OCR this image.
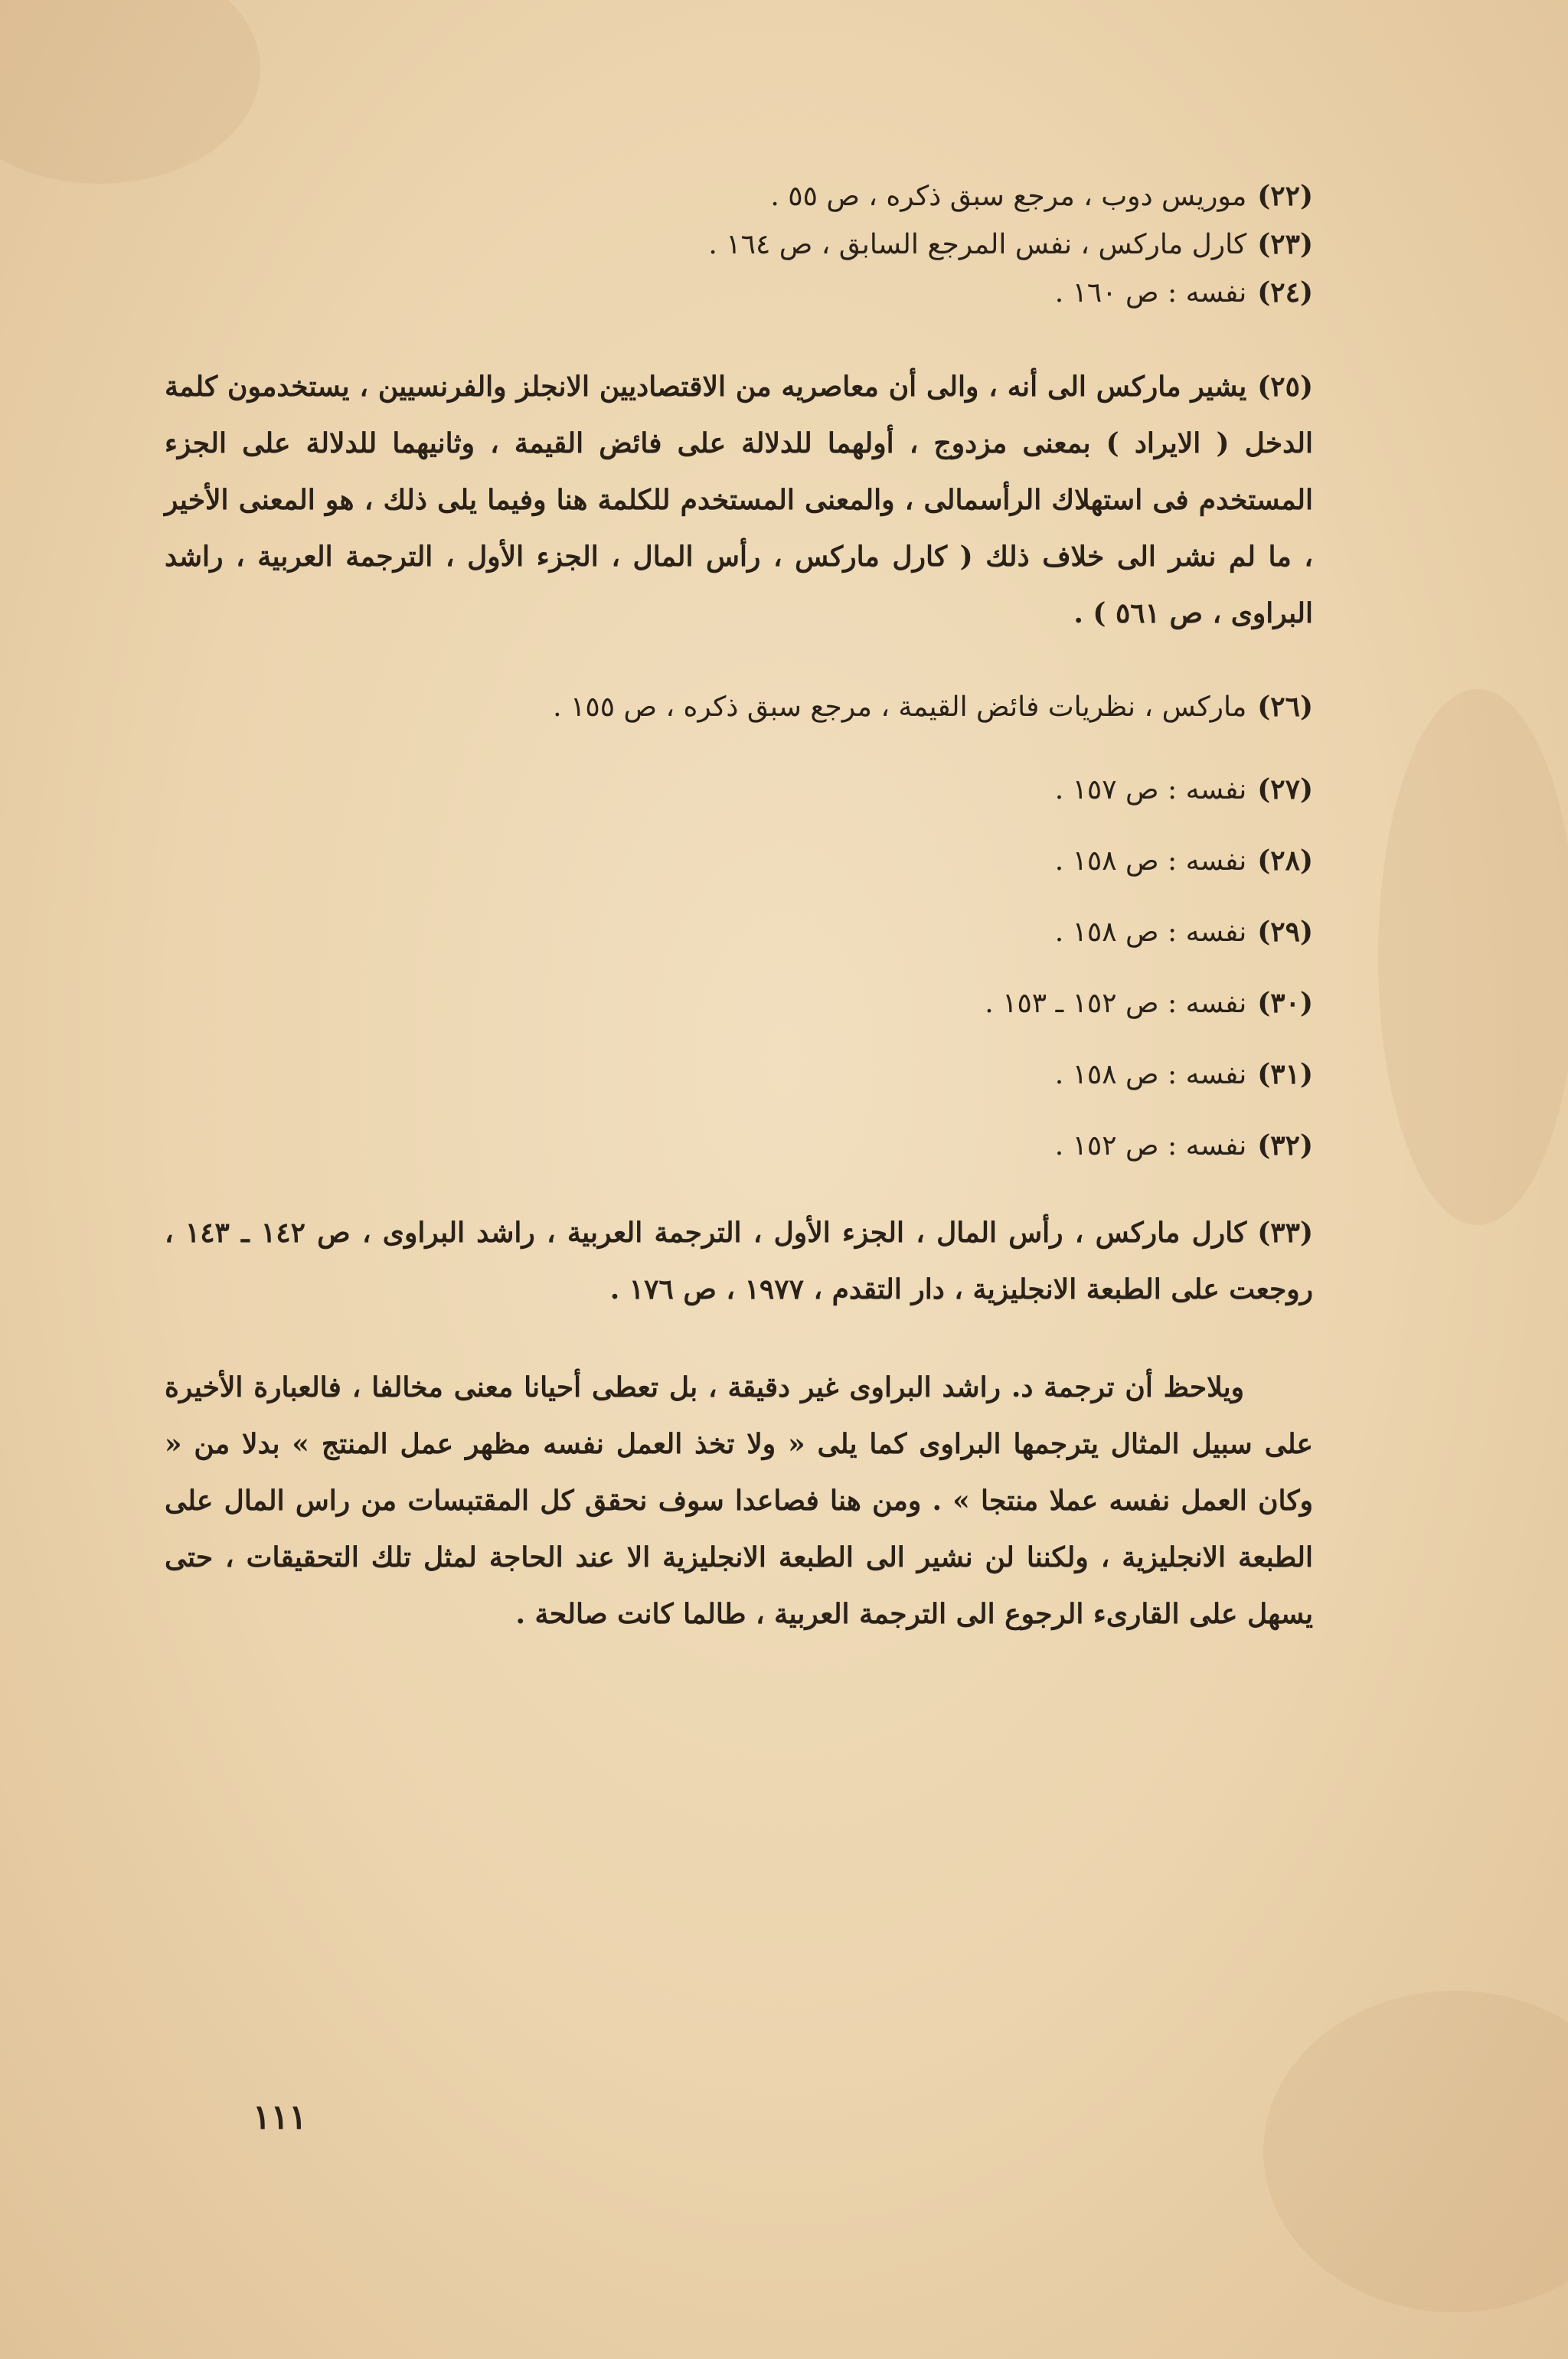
(٢٢)موريس دوب ، مرجع سبق ذكره ، ص ٥٥ .

(٢٣)كارل ماركس ، نفس المرجع السابق ، ص ١٦٤ .

(٢٤)نفسه : ص ١٦٠ .

(٢٥)يشير ماركس الى أنه ، والى أن معاصريه من الاقتصاديين الانجلز والفرنسيين ، يستخدمون كلمة الدخل ( الايراد ) بمعنى مزدوج ، أولهما للدلالة على فائض القيمة ، وثانيهما للدلالة على الجزء المستخدم فى استهلاك الرأسمالى ، والمعنى المستخدم للكلمة هنا وفيما يلى ذلك ، هو المعنى الأخير ، ما لم نشر الى خلاف ذلك ( كارل ماركس ، رأس المال ، الجزء الأول ، الترجمة العربية ، راشد البراوى ، ص ٥٦١ ) .

(٢٦)ماركس ، نظريات فائض القيمة ، مرجع سبق ذكره ، ص ١٥٥ .

(٢٧)نفسه : ص ١٥٧ .

(٢٨)نفسه : ص ١٥٨ .

(٢٩)نفسه : ص ١٥٨ .

(٣٠)نفسه : ص ١٥٢ ـ ١٥٣ .

(٣١)نفسه : ص ١٥٨ .

(٣٢)نفسه : ص ١٥٢ .

(٣٣)كارل ماركس ، رأس المال ، الجزء الأول ، الترجمة العربية ، راشد البراوى ، ص ١٤٢ ـ ١٤٣ ، روجعت على الطبعة الانجليزية ، دار التقدم ، ١٩٧٧ ، ص ١٧٦ .

ويلاحظ أن ترجمة د. راشد البراوى غير دقيقة ، بل تعطى أحيانا معنى مخالفا ، فالعبارة الأخيرة على سبيل المثال يترجمها البراوى كما يلى « ولا تخذ العمل نفسه مظهر عمل المنتج » بدلا من « وكان العمل نفسه عملا منتجا » . ومن هنا فصاعدا سوف نحقق كل المقتبسات من راس المال على الطبعة الانجليزية ، ولكننا لن نشير الى الطبعة الانجليزية الا عند الحاجة لمثل تلك التحقيقات ، حتى يسهل على القارىء الرجوع الى الترجمة العربية ، طالما كانت صالحة .

١١١
